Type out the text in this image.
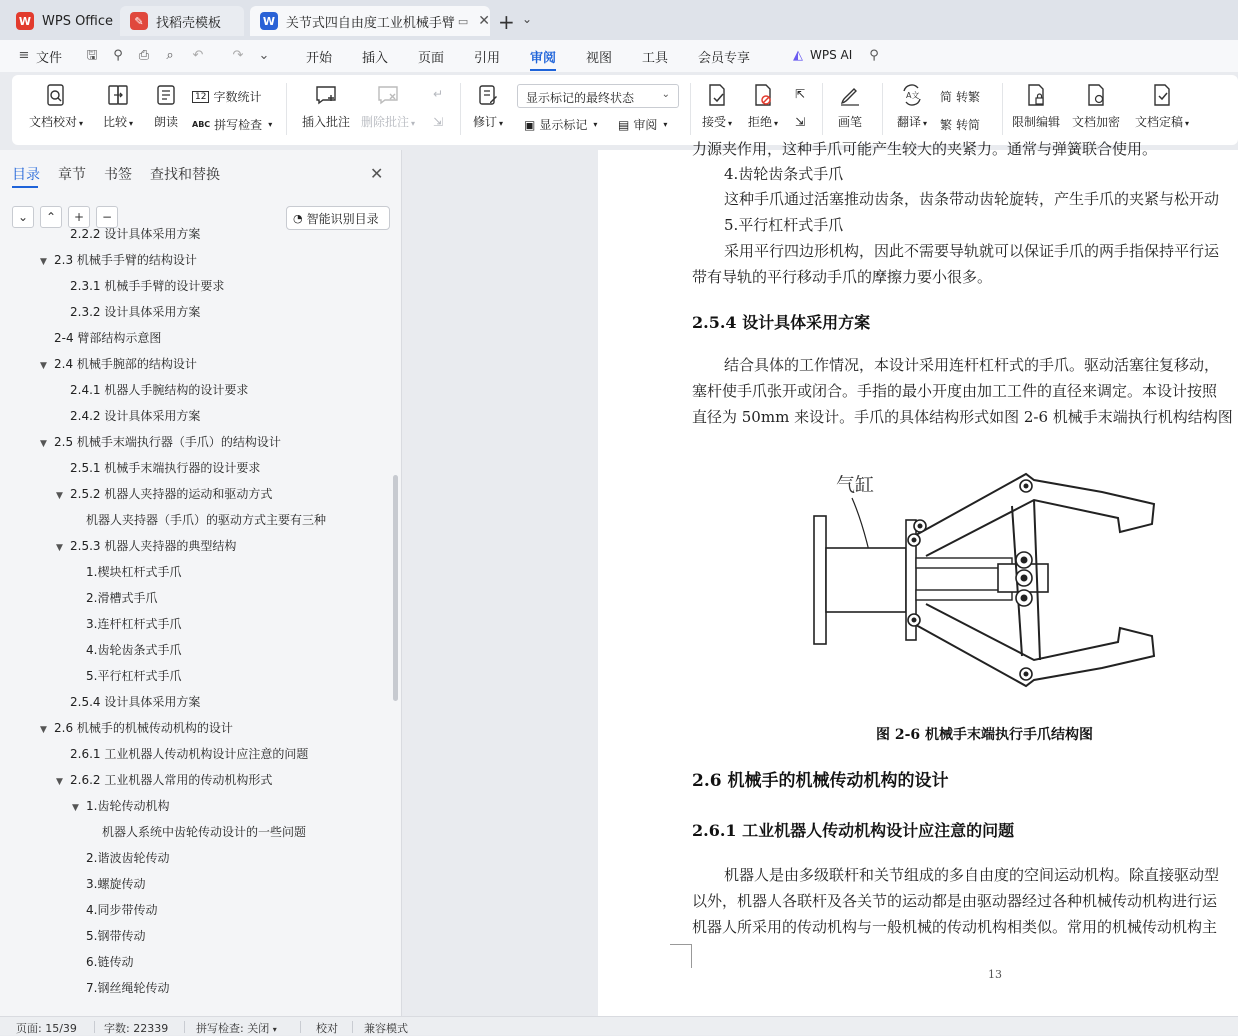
W WPS Office	✎ 找稻壳模板	W 关节式四自由度工业机械手臂 ▭ ✕ + ⌄
≡ 文件 🖫 ⚲ ⎙	⌕	↶ ↷ ⌄	开始 插入 页面 引用 审阅 视图 工具 会员专享	◭ WPS AI ⚲
文档校对 ▾	比较 ▾	朗读
12 字数统计
ABC 拼写检查 ▾ 插入批注 删除批注 ▾
↵
⇲	修订 ▾
显示标记的最终状态	⌄
▣ 显示标记 ▾ ▤ 审阅 ▾	接受 ▾	拒绝 ▾
⇱
⇲	画笔
A文
翻译 ▾
简 转繁
繁 转简	限制编辑 文档加密 文档定稿 ▾
目录 章节 书签 查找和替换	✕
⌄	⌃	+	−	◔ 智能识别目录
2.2.2 设计具体采用方案
▼ 2.3 机械手手臂的结构设计
2.3.1 机械手手臂的设计要求
2.3.2 设计具体采用方案
2-4 臂部结构示意图
▼ 2.4 机械手腕部的结构设计
2.4.1 机器人手腕结构的设计要求
2.4.2 设计具体采用方案
▼ 2.5 机械手末端执行器（手爪）的结构设计
2.5.1 机械手末端执行器的设计要求
▼ 2.5.2 机器人夹持器的运动和驱动方式
机器人夹持器（手爪）的驱动方式主要有三种
▼ 2.5.3 机器人夹持器的典型结构
1.楔块杠杆式手爪
2.滑槽式手爪
3.连杆杠杆式手爪
4.齿轮齿条式手爪
5.平行杠杆式手爪
2.5.4 设计具体采用方案
▼ 2.6 机械手的机械传动机构的设计
2.6.1 工业机器人传动机构设计应注意的问题
▼ 2.6.2 工业机器人常用的传动机构形式
▼ 1.齿轮传动机构
机器人系统中齿轮传动设计的一些问题
2.谐波齿轮传动
3.螺旋传动
4.同步带传动
5.钢带传动
6.链传动
7.钢丝绳轮传动
力源夹作用，这种手爪可能产生较大的夹紧力。通常与弹簧联合使用。
4.齿轮齿条式手爪
这种手爪通过活塞推动齿条，齿条带动齿轮旋转，产生手爪的夹紧与松开动
5.平行杠杆式手爪
采用平行四边形机构，因此不需要导轨就可以保证手爪的两手指保持平行运
带有导轨的平行移动手爪的摩擦力要小很多。
2.5.4 设计具体采用方案
结合具体的工作情况，本设计采用连杆杠杆式的手爪。驱动活塞往复移动，
塞杆使手爪张开或闭合。手指的最小开度由加工工件的直径来调定。本设计按照
直径为 50mm 来设计。手爪的具体结构形式如图 2-6 机械手末端执行机构结构图
气缸
图 2-6 机械手末端执行手爪结构图
2.6 机械手的机械传动机构的设计
2.6.1 工业机器人传动机构设计应注意的问题
机器人是由多级联杆和关节组成的多自由度的空间运动机构。除直接驱动型
以外，机器人各联杆及各关节的运动都是由驱动器经过各种机械传动机构进行运
机器人所采用的传动机构与一般机械的传动机构相类似。常用的机械传动机构主
13
页面: 15/39 字数: 22339	拼写检查: 关闭 ▾	校对 兼容模式
